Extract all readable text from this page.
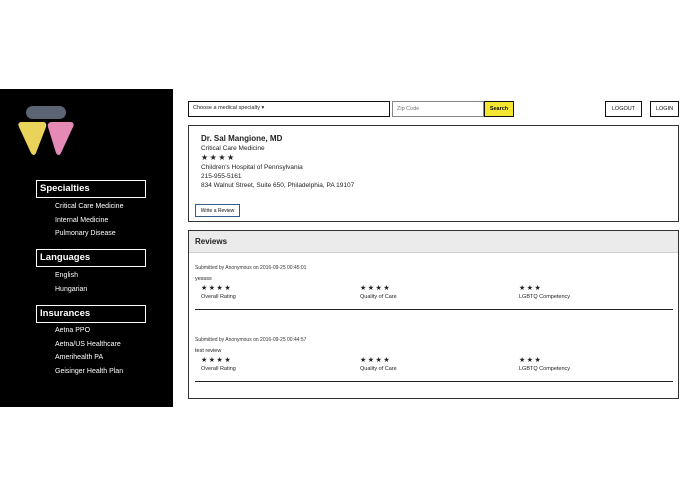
Specialties
Critical Care Medicine
Internal Medicine
Pulmonary Disease
Languages
English
Hungarian
Insurances
Aetna PPO
Aetna/US Healthcare
Amerihealth PA
Geisinger Health Plan
Choose a medical specialty ▾
Zip Code	Search	LOGOUT	LOGIN
Dr. Sal Mangione, MD
Critical Care Medicine
★★★★
Children's Hospital of Pennsylvania
215-955-5161
834 Walnut Street, Suite 650, Philadelphia, PA 19107
Write a Review
Reviews
Submitted by Anonymous on 2016-09-25 00:45:01
yessss
★★★★
Overall Rating
★★★★
Quality of Care
★★★
LGBTQ Competency
Submitted by Anonymous on 2016-09-25 00:44:57
test review
★★★★
Overall Rating
★★★★
Quality of Care
★★★
LGBTQ Competency
